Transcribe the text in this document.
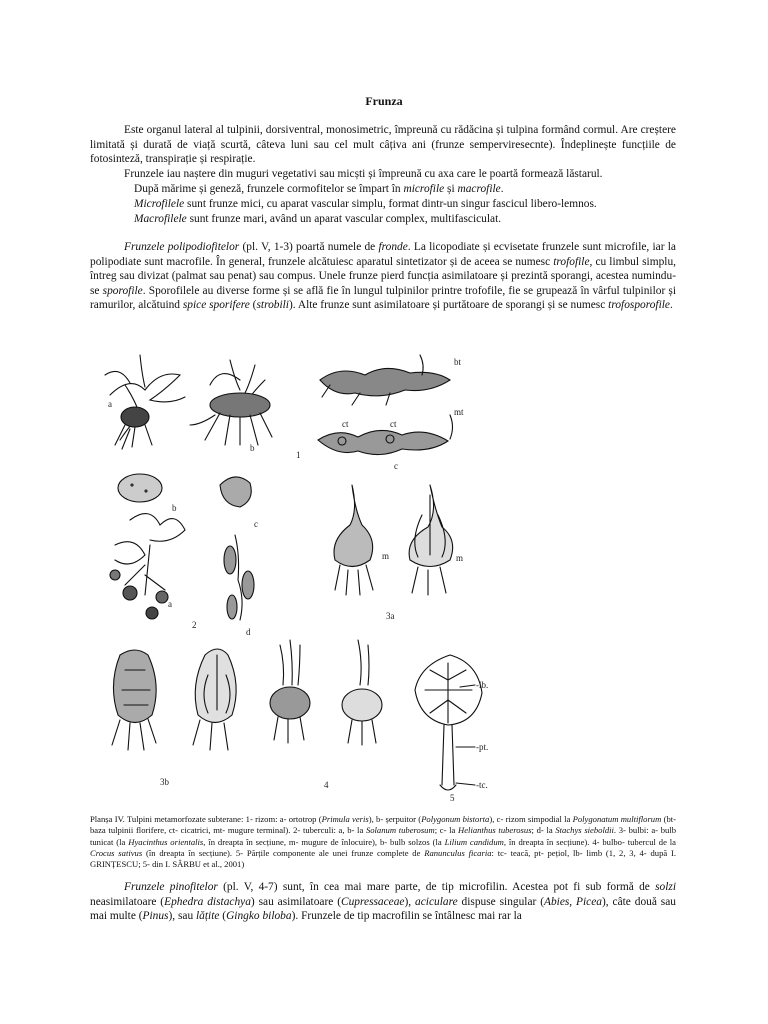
Frunza

Este organul lateral al tulpinii, dorsiventral, monosimetric, împreună cu rădăcina și tulpina formând cormul. Are creștere limitată și durată de viață scurtă, câteva luni sau cel mult câțiva ani (frunze semperviresecnte). Îndeplinește funcțiile de fotosinteză, transpirație și respirație.

Frunzele iau naștere din muguri vegetativi sau micști și împreună cu axa care le poartă formează lăstarul.

După mărime și geneză, frunzele cormofitelor se împart în microfile și macrofile.

Microfilele sunt frunze mici, cu aparat vascular simplu, format dintr-un singur fascicul libero-lemnos.

Macrofilele sunt frunze mari, având un aparat vascular complex, multifasciculat.

Frunzele polipodiofitelor (pl. V, 1-3) poartă numele de fronde. La licopodiate și ecvisetate frunzele sunt microfile, iar la polipodiate sunt macrofile. În general, frunzele alcătuiesc aparatul sintetizator și de aceea se numesc trofofile, cu limbul simplu, întreg sau divizat (palmat sau penat) sau compus. Unele frunze pierd funcția asimilatoare și prezintă sporangi, acestea numindu-se sporofile. Sporofilele au diverse forme și se află fie în lungul tulpinilor printre trofofile, fie se grupează în vârful tulpinilor și ramurilor, alcătuind spice sporifere (strobili). Alte frunze sunt asimilatoare și purtătoare de sporangi și se numesc trofosporofile.

a
b
1
bt
mt
ct	ct
c
b
c
a
d
2
m	m
3a
3b	4
5
-lb.
-pt.
-tc.

Planșa IV. Tulpini metamorfozate subterane: 1- rizom: a- ortotrop (Primula veris), b- șerpuitor (Polygonum bistorta), c- rizom simpodial la Polygonatum multiflorum (bt- baza tulpinii florifere, ct- cicatrici, mt- mugure terminal). 2- tuberculi: a, b- la Solanum tuberosum; c- la Helianthus tuberosus; d- la Stachys sieboldii. 3- bulbi: a- bulb tunicat (la Hyacinthus orientalis, în dreapta în secțiune, m- mugure de înlocuire), b- bulb solzos (la Lilium candidum, în dreapta în secțiune). 4- bulbo- tubercul de la Crocus sativus (în dreapta în secțiune). 5- Părțile componente ale unei frunze complete de Ranunculus ficaria: tc- teacă, pt- pețiol, lb- limb (1, 2, 3, 4- după I. GRINȚESCU; 5- din I. SÂRBU et al., 2001)

Frunzele pinofitelor (pl. V, 4-7) sunt, în cea mai mare parte, de tip microfilin. Acestea pot fi sub formă de solzi neasimilatoare (Ephedra distachya) sau asimilatoare (Cupressaceae), aciculare dispuse singular (Abies, Picea), câte două sau mai multe (Pinus), sau lățite (Gingko biloba). Frunzele de tip macrofilin se întâlnesc mai rar la
